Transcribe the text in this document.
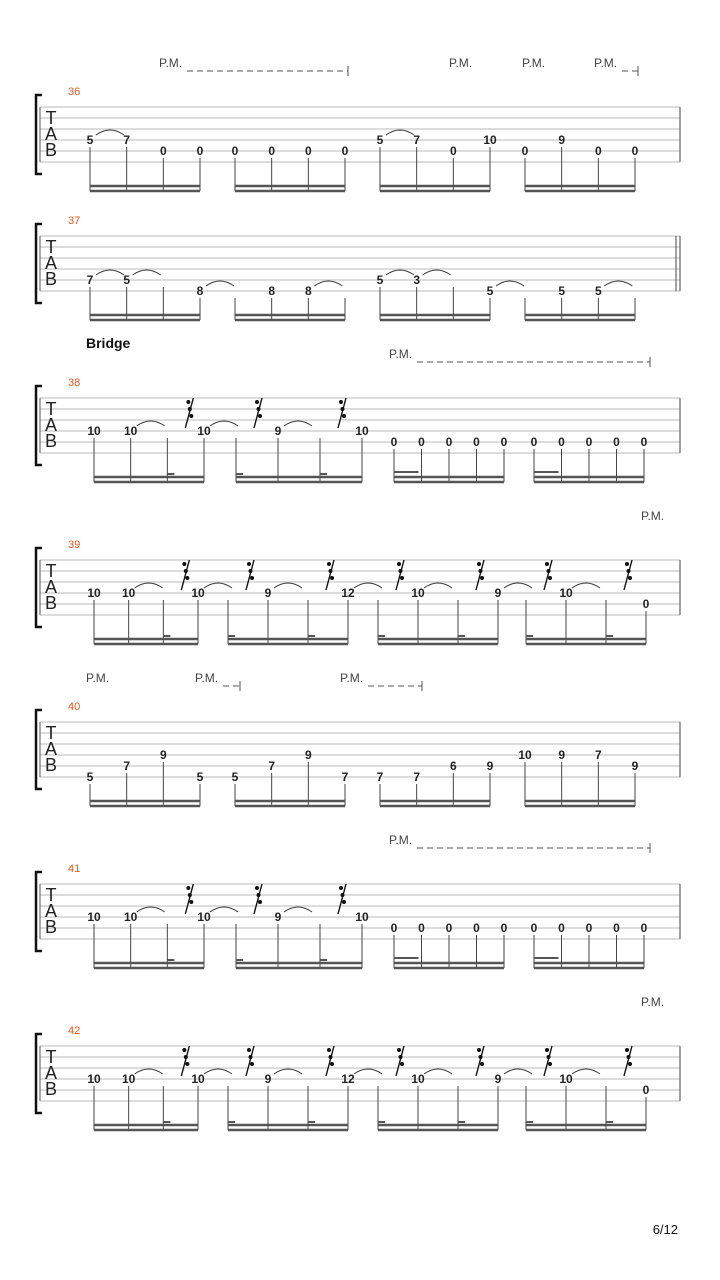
36
T
A
B
P.M.	P.M.	P.M.	P.M.
5 7
0 0 0 0 0 0
5 7
0
10
0
9
0 0
37
T
A
B 7 5
8	8 8
5 3
5	5 5
Bridge
38
T
A
B
P.M.
10 10	10	9	10
0 0 0 0 0 0 0 0 0 0
39
T
A
B
P.M.
10 10	10	9	12	10	9	10
0
40
T
A
B
P.M.	P.M.	P.M.
5
7
9
5 5
7
9
7 7 7
6 9
10 9 7
9
41
T
A
B
P.M.
10 10	10	9	10
0 0 0 0 0 0 0 0 0 0
42
T
A
B
P.M.
10 10	10	9	12	10	9	10
0
6/12
